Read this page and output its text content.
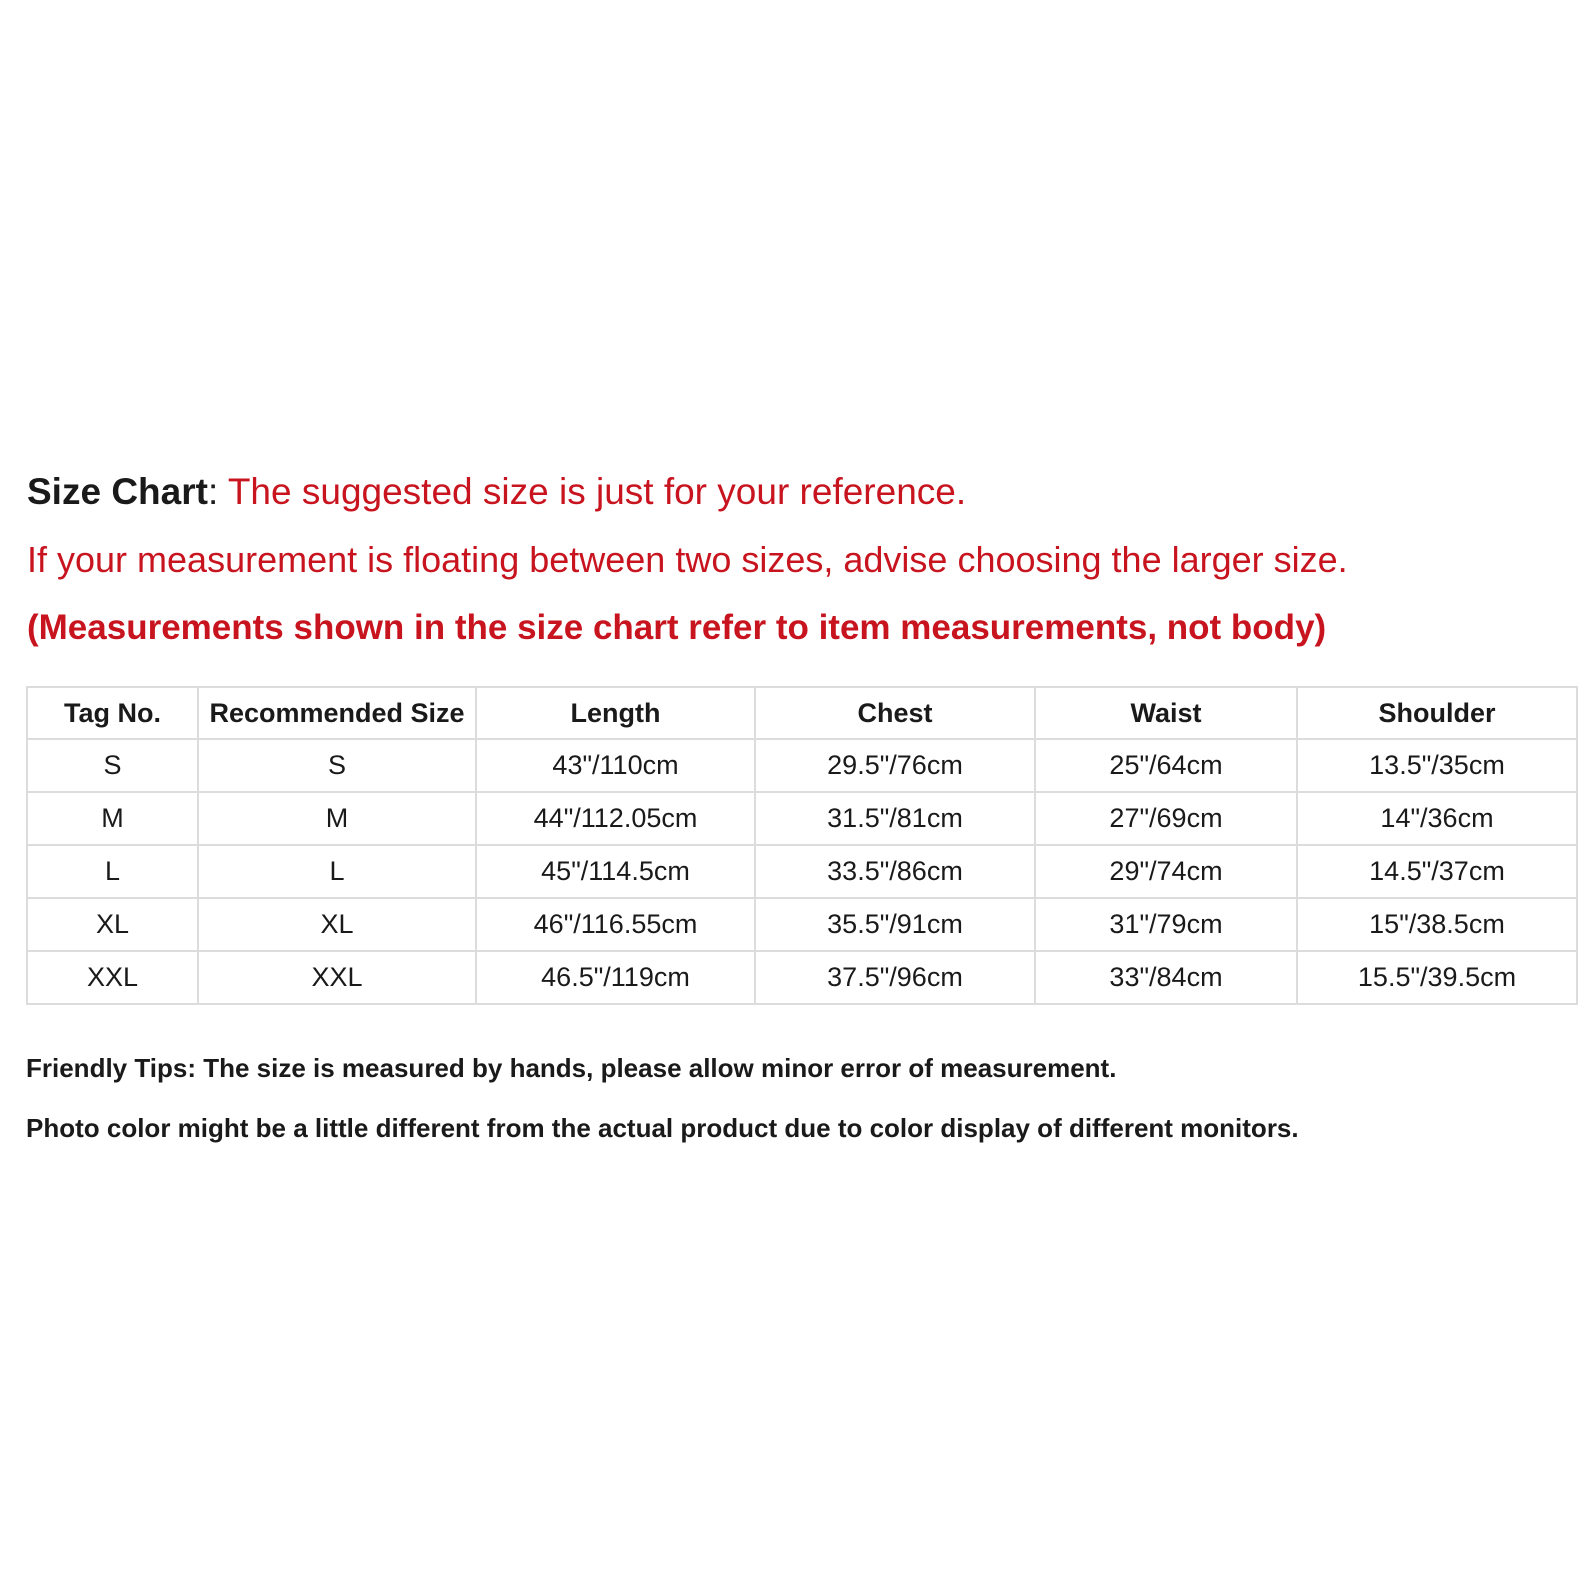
Size Chart: The suggested size is just for your reference.
If your measurement is floating between two sizes, advise choosing the larger size.
(Measurements shown in the size chart refer to item measurements, not body)
Tag No.	Recommended Size	Length	Chest	Waist	Shoulder
S	S	43"/110cm	29.5"/76cm	25"/64cm	13.5"/35cm
M	M	44"/112.05cm	31.5"/81cm	27"/69cm	14"/36cm
L	L	45"/114.5cm	33.5"/86cm	29"/74cm	14.5"/37cm
XL	XL	46"/116.55cm	35.5"/91cm	31"/79cm	15"/38.5cm
XXL	XXL	46.5"/119cm	37.5"/96cm	33"/84cm	15.5"/39.5cm
Friendly Tips: The size is measured by hands, please allow minor error of measurement.
Photo color might be a little different from the actual product due to color display of different monitors.
